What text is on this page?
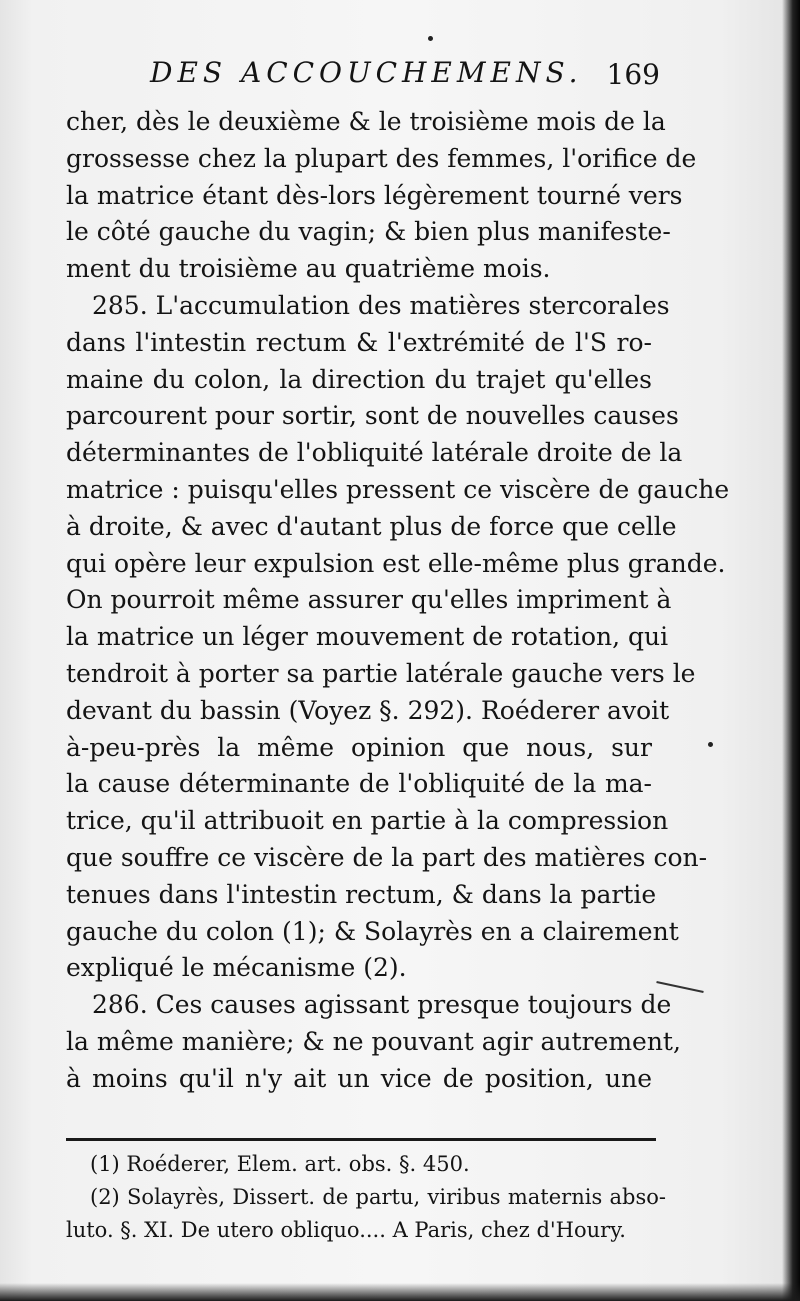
DES ACCOUCHEMENS. 169
cher, dès le deuxième & le troisième mois de la
grossesse chez la plupart des femmes, l'orifice de
la matrice étant dès-lors légèrement tourné vers
le côté gauche du vagin; & bien plus manifeste-
ment du troisième au quatrième mois.
285. L'accumulation des matières stercorales
dans l'intestin rectum & l'extrémité de l'S ro-
maine du colon, la direction du trajet qu'elles
parcourent pour sortir, sont de nouvelles causes
déterminantes de l'obliquité latérale droite de la
matrice : puisqu'elles pressent ce viscère de gauche
à droite, & avec d'autant plus de force que celle
qui opère leur expulsion est elle-même plus grande.
On pourroit même assurer qu'elles impriment à
la matrice un léger mouvement de rotation, qui
tendroit à porter sa partie latérale gauche vers le
devant du bassin (Voyez §. 292). Roéderer avoit
à-peu-près la même opinion que nous, sur
la cause déterminante de l'obliquité de la ma-
trice, qu'il attribuoit en partie à la compression
que souffre ce viscère de la part des matières con-
tenues dans l'intestin rectum, & dans la partie
gauche du colon (1); & Solayrès en a clairement
expliqué le mécanisme (2).
286. Ces causes agissant presque toujours de
la même manière; & ne pouvant agir autrement,
à moins qu'il n'y ait un vice de position, une
(1) Roéderer, Elem. art. obs. §. 450.
(2) Solayrès, Dissert. de partu, viribus maternis abso-
luto. §. XI. De utero obliquo.... A Paris, chez d'Houry.
